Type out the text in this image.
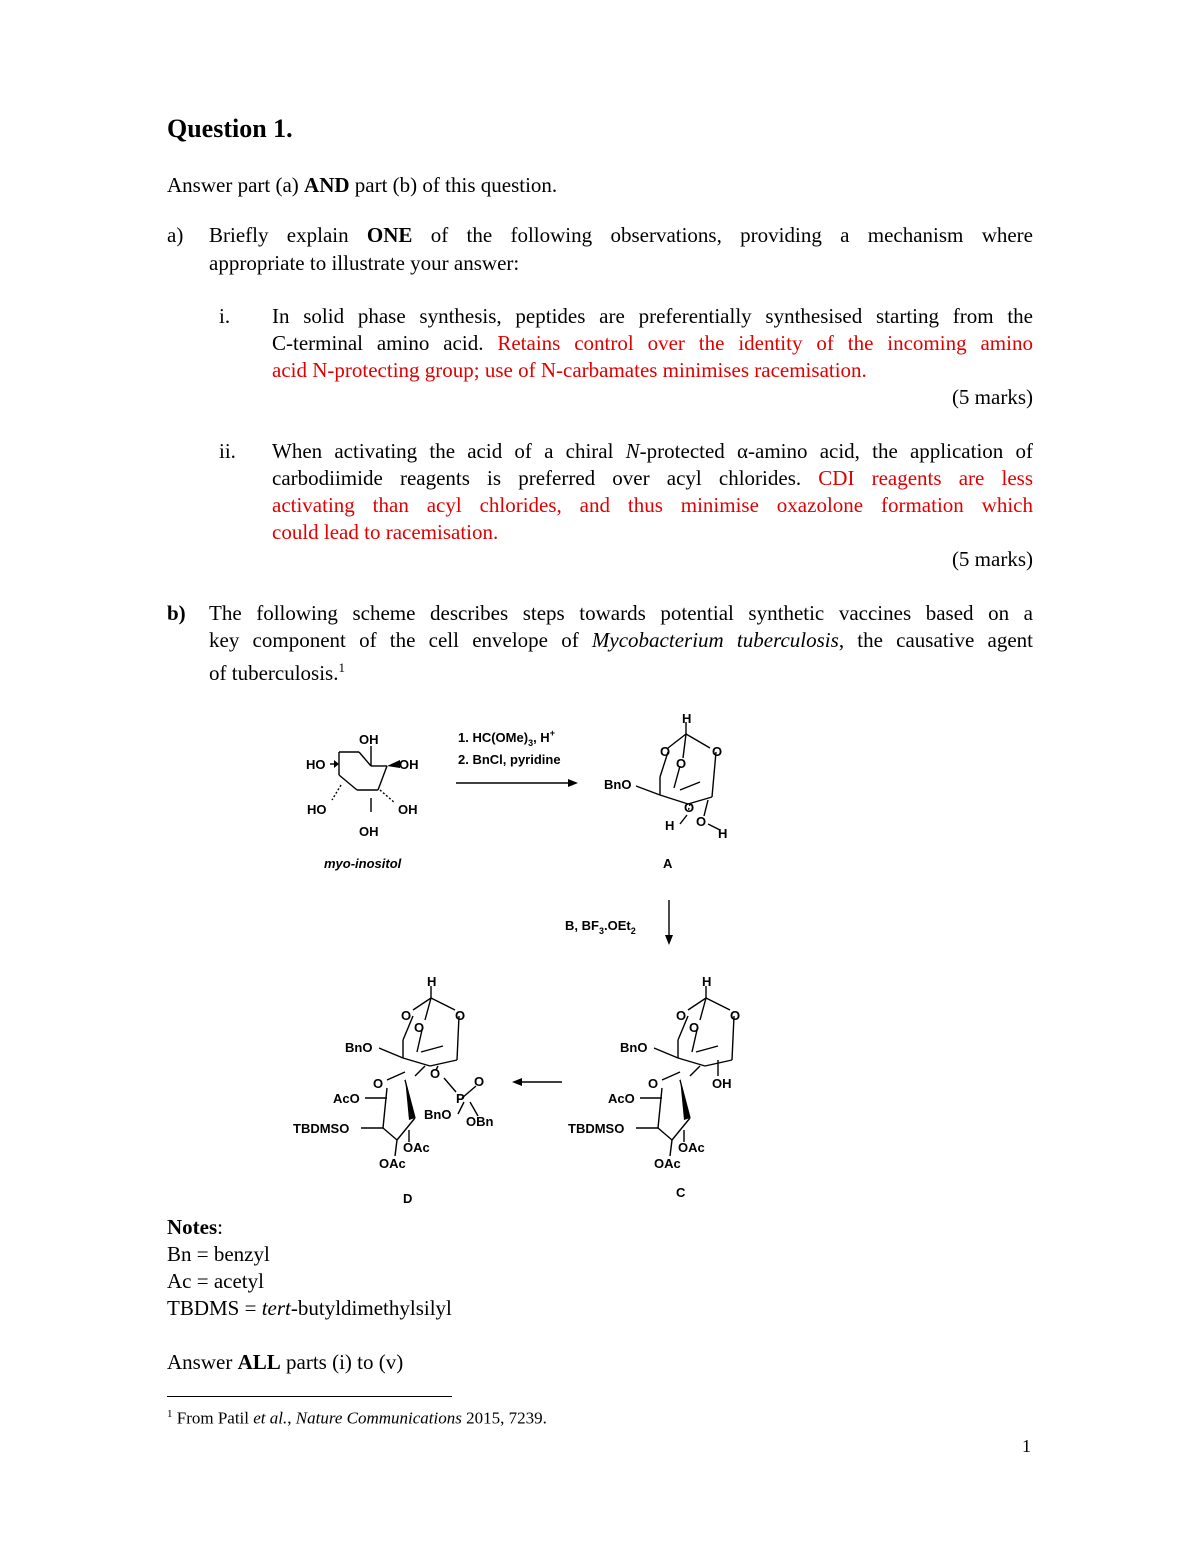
Question 1.
Answer part (a) AND part (b) of this question.
a) Briefly explain ONE of the following observations, providing a mechanism where
appropriate to illustrate your answer:
i. In solid phase synthesis, peptides are preferentially synthesised starting from the
C-terminal amino acid. Retains control over the identity of the incoming amino
acid N-protecting group; use of N-carbamates minimises racemisation.
(5 marks)
ii. When activating the acid of a chiral N-protected α-amino acid, the application of
carbodiimide reagents is preferred over acyl chlorides. CDI reagents are less
activating than acyl chlorides, and thus minimise oxazolone formation which
could lead to racemisation.
(5 marks)
b) The following scheme describes steps towards potential synthetic vaccines based on a
key component of the cell envelope of Mycobacterium tuberculosis, the causative agent
of tuberculosis.$^1$
OH
HO	OH
HO	OH
OH
myo-inositol
1. $HC(OMe)_3$, H+
2. BnCl, pyridine
H
O	O
O
BnO
O
H O
H
A
B, $BF_3.OEt_2$
H
O	O
O
BnO
O	OH
AcO
TBDMSO
OAc
OAc
C
H
O	O
O
BnO
O
O
O
P
AcO
BnO OBn
TBDMSO
OAc
OAc
D
Notes:
Bn = benzyl
Ac = acetyl
TBDMS = tert-butyldimethylsilyl
Answer ALL parts (i) to (v)
$^1$ From Patil et al., Nature Communications 2015, 7239.
1
